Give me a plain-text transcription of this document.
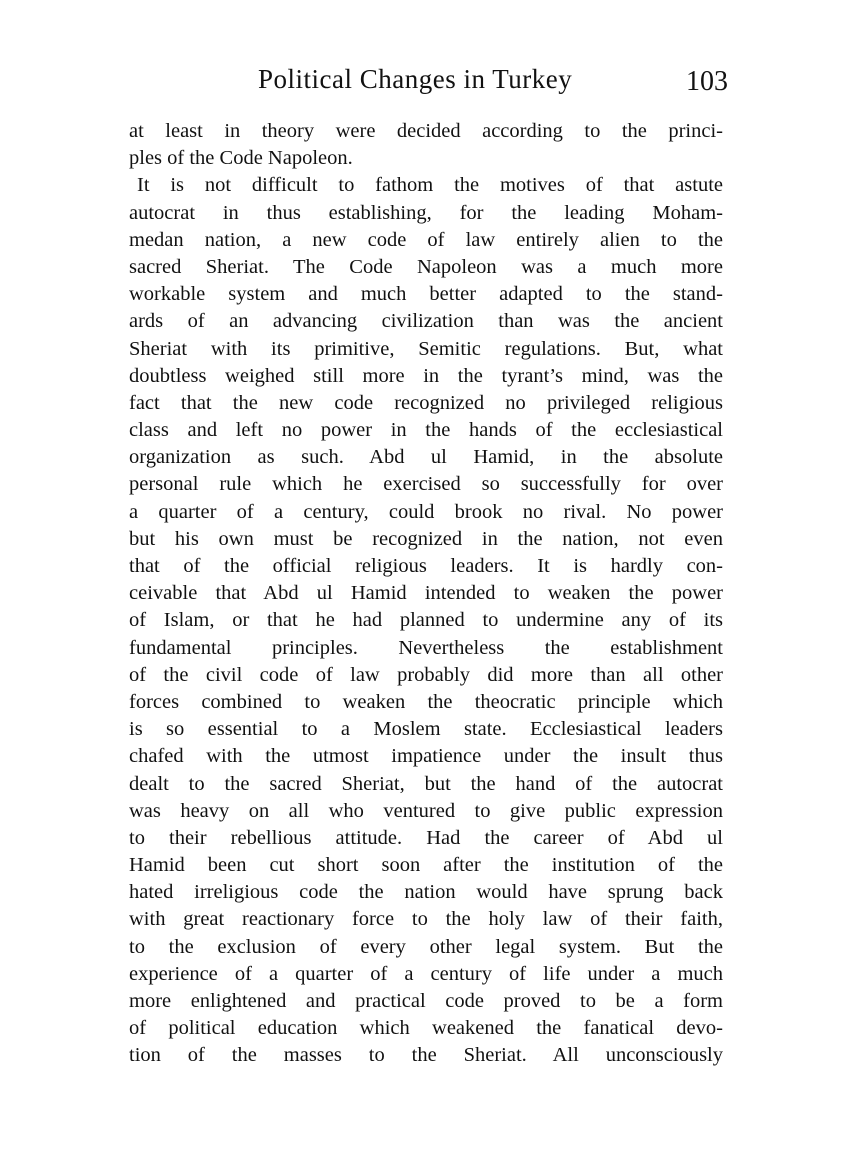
Political Changes in Turkey	103
at least in theory were decided according to the princi-
ples of the Code Napoleon.
It is not difficult to fathom the motives of that astute
autocrat in thus establishing, for the leading Moham-
medan nation, a new code of law entirely alien to the
sacred Sheriat. The Code Napoleon was a much more
workable system and much better adapted to the stand-
ards of an advancing civilization than was the ancient
Sheriat with its primitive, Semitic regulations. But, what
doubtless weighed still more in the tyrant’s mind, was the
fact that the new code recognized no privileged religious
class and left no power in the hands of the ecclesiastical
organization as such. Abd ul Hamid, in the absolute
personal rule which he exercised so successfully for over
a quarter of a century, could brook no rival. No power
but his own must be recognized in the nation, not even
that of the official religious leaders. It is hardly con-
ceivable that Abd ul Hamid intended to weaken the power
of Islam, or that he had planned to undermine any of its
fundamental principles. Nevertheless the establishment
of the civil code of law probably did more than all other
forces combined to weaken the theocratic principle which
is so essential to a Moslem state. Ecclesiastical leaders
chafed with the utmost impatience under the insult thus
dealt to the sacred Sheriat, but the hand of the autocrat
was heavy on all who ventured to give public expression
to their rebellious attitude. Had the career of Abd ul
Hamid been cut short soon after the institution of the
hated irreligious code the nation would have sprung back
with great reactionary force to the holy law of their faith,
to the exclusion of every other legal system. But the
experience of a quarter of a century of life under a much
more enlightened and practical code proved to be a form
of political education which weakened the fanatical devo-
tion of the masses to the Sheriat. All unconsciously
